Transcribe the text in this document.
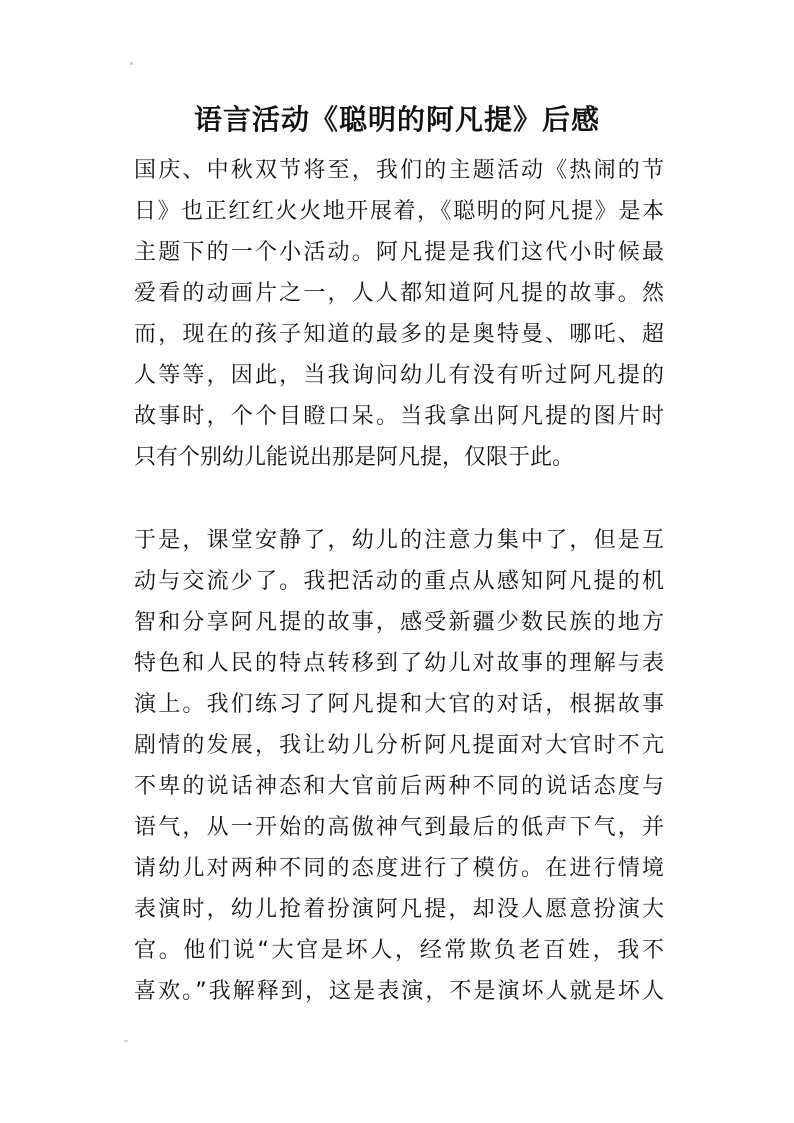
语言活动《聪明的阿凡提》后感
国庆、中秋双节将至，我们的主题活动《热闹的节
日》也正红红火火地开展着，《聪明的阿凡提》是本
主题下的一个小活动。阿凡提是我们这代小时候最
爱看的动画片之一，人人都知道阿凡提的故事。然
而，现在的孩子知道的最多的是奥特曼、哪吒、超
人等等，因此，当我询问幼儿有没有听过阿凡提的
故事时，个个目瞪口呆。当我拿出阿凡提的图片时
只有个别幼儿能说出那是阿凡提，仅限于此。
于是，课堂安静了，幼儿的注意力集中了，但是互
动与交流少了。我把活动的重点从感知阿凡提的机
智和分享阿凡提的故事，感受新疆少数民族的地方
特色和人民的特点转移到了幼儿对故事的理解与表
演上。我们练习了阿凡提和大官的对话，根据故事
剧情的发展，我让幼儿分析阿凡提面对大官时不亢
不卑的说话神态和大官前后两种不同的说话态度与
语气，从一开始的高傲神气到最后的低声下气，并
请幼儿对两种不同的态度进行了模仿。在进行情境
表演时，幼儿抢着扮演阿凡提，却没人愿意扮演大
官。他们说“大官是坏人，经常欺负老百姓，我不
喜欢。”我解释到，这是表演，不是演坏人就是坏人
